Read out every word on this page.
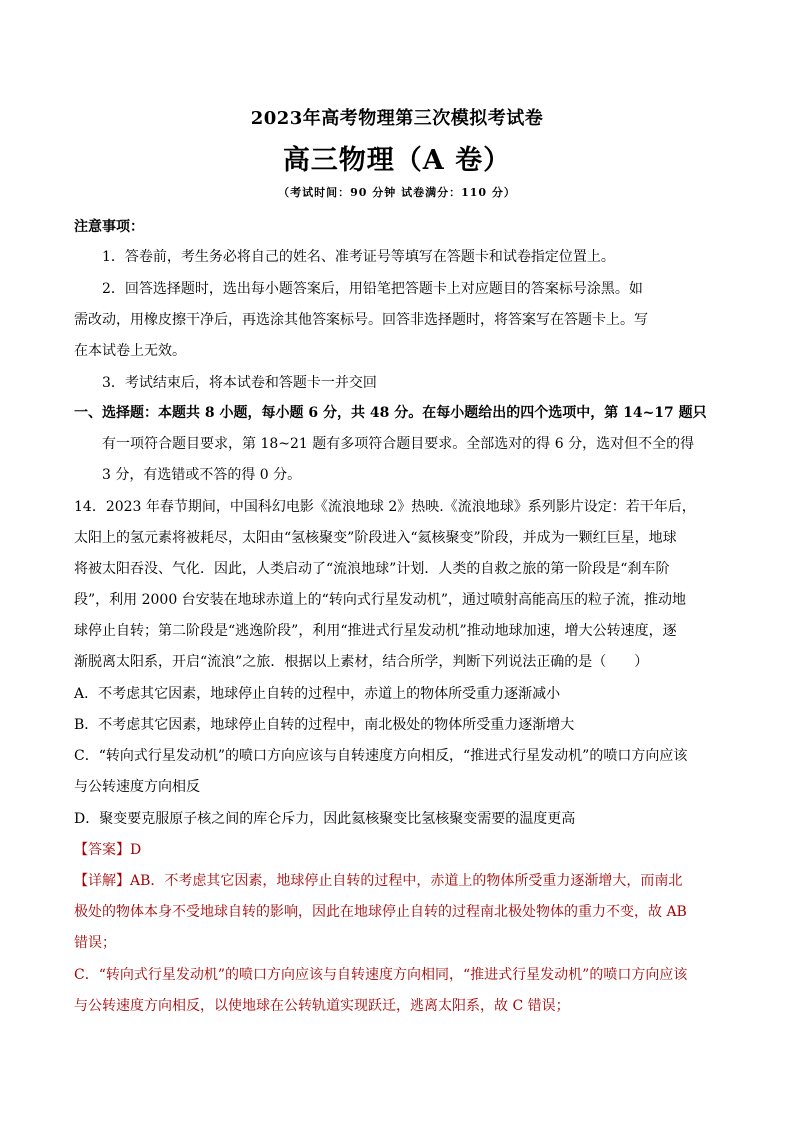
2023年高考物理第三次模拟考试卷
高三物理（A 卷）
（考试时间：90 分钟 试卷满分：110 分）
注意事项：
1．答卷前，考生务必将自己的姓名、准考证号等填写在答题卡和试卷指定位置上。
2．回答选择题时，选出每小题答案后，用铅笔把答题卡上对应题目的答案标号涂黑。如
需改动，用橡皮擦干净后，再选涂其他答案标号。回答非选择题时，将答案写在答题卡上。写
在本试卷上无效。
3．考试结束后，将本试卷和答题卡一并交回
一、选择题：本题共 8 小题，每小题 6 分，共 48 分。在每小题给出的四个选项中，第 14~17 题只
有一项符合题目要求，第 18~21 题有多项符合题目要求。全部选对的得 6 分，选对但不全的得
3 分，有选错或不答的得 0 分。
14．2023 年春节期间，中国科幻电影《流浪地球 2》热映.《流浪地球》系列影片设定：若干年后，
太阳上的氢元素将被耗尽，太阳由“氢核聚变”阶段进入“氦核聚变”阶段，并成为一颗红巨星，地球
将被太阳吞没、气化．因此，人类启动了“流浪地球”计划．人类的自救之旅的第一阶段是“刹车阶
段”，利用 2000 台安装在地球赤道上的“转向式行星发动机”，通过喷射高能高压的粒子流，推动地
球停止自转；第二阶段是“逃逸阶段”，利用“推进式行星发动机”推动地球加速，增大公转速度，逐
渐脱离太阳系，开启“流浪”之旅．根据以上素材，结合所学，判断下列说法正确的是（　　）
A．不考虑其它因素，地球停止自转的过程中，赤道上的物体所受重力逐渐减小
B．不考虑其它因素，地球停止自转的过程中，南北极处的物体所受重力逐渐增大
C．“转向式行星发动机”的喷口方向应该与自转速度方向相反，“推进式行星发动机”的喷口方向应该
与公转速度方向相反
D．聚变要克服原子核之间的库仑斥力，因此氦核聚变比氢核聚变需要的温度更高
【答案】D
【详解】AB．不考虑其它因素，地球停止自转的过程中，赤道上的物体所受重力逐渐增大，而南北
极处的物体本身不受地球自转的影响，因此在地球停止自转的过程南北极处物体的重力不变，故 AB
错误；
C．“转向式行星发动机”的喷口方向应该与自转速度方向相同，“推进式行星发动机”的喷口方向应该
与公转速度方向相反，以使地球在公转轨道实现跃迁，逃离太阳系，故 C 错误；
